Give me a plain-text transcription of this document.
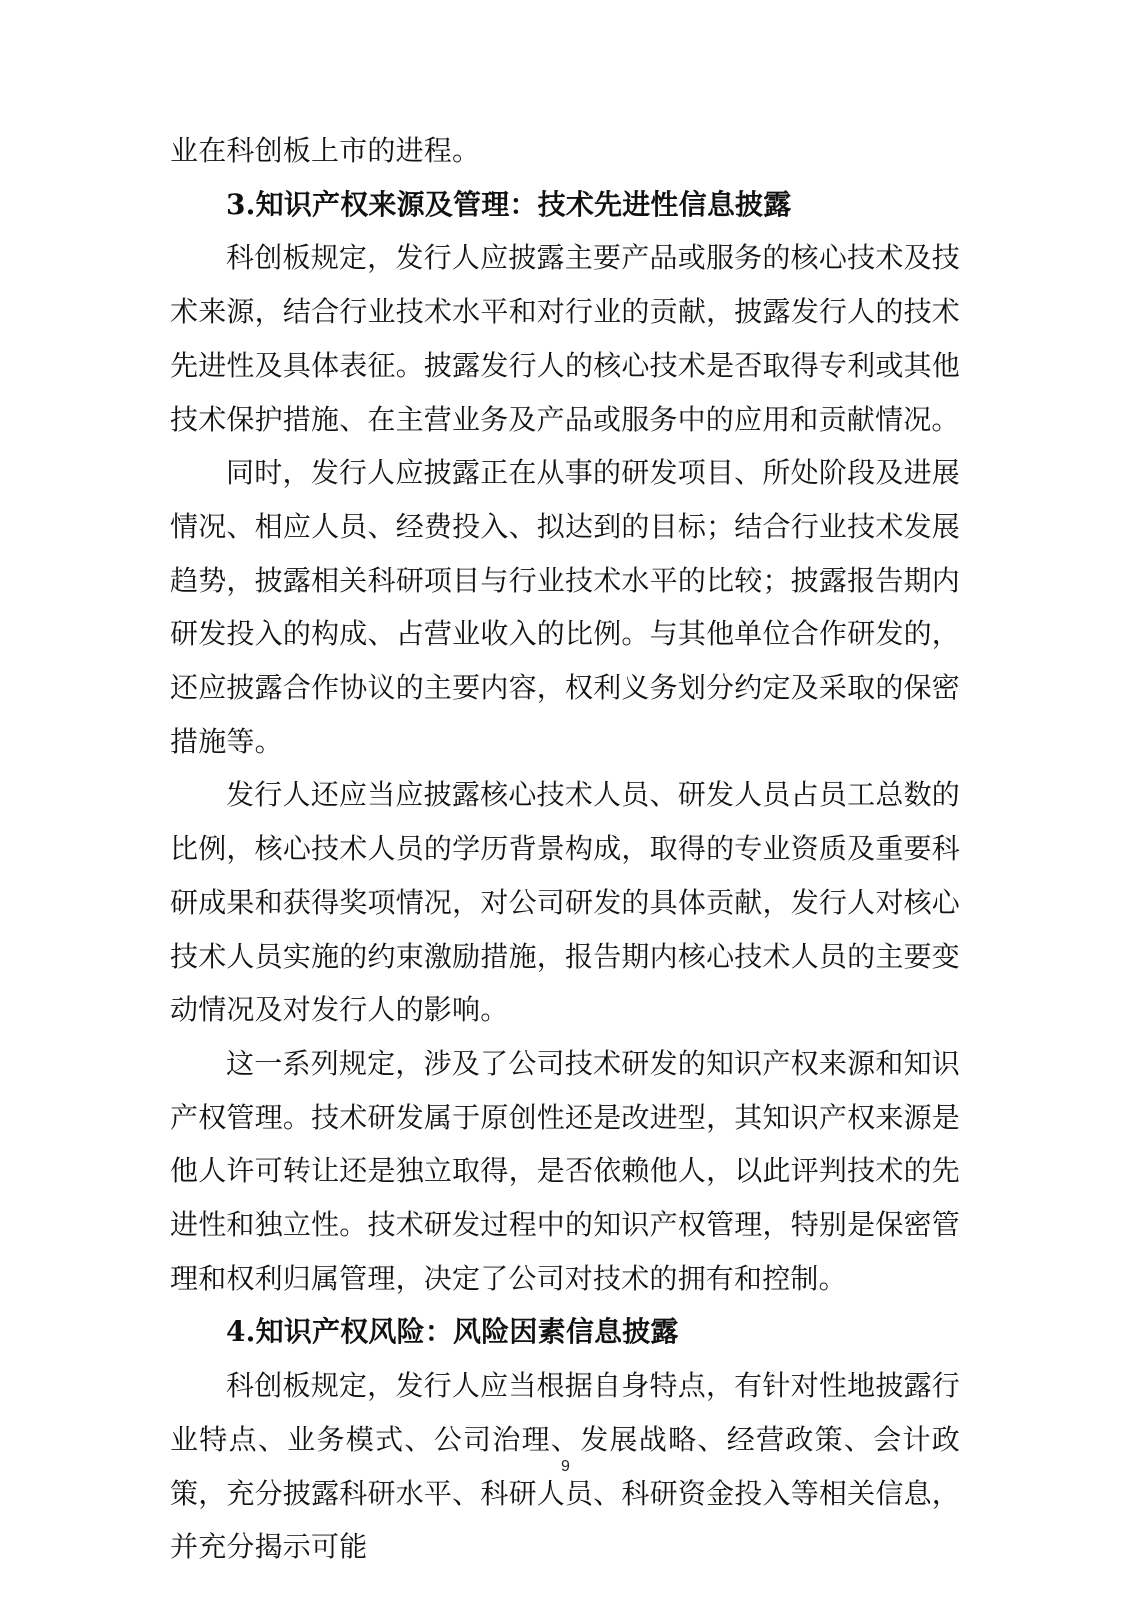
业在科创板上市的进程。

3.知识产权来源及管理：技术先进性信息披露

科创板规定，发行人应披露主要产品或服务的核心技术及技术来源，结合行业技术水平和对行业的贡献，披露发行人的技术先进性及具体表征。披露发行人的核心技术是否取得专利或其他技术保护措施、在主营业务及产品或服务中的应用和贡献情况。

同时，发行人应披露正在从事的研发项目、所处阶段及进展情况、相应人员、经费投入、拟达到的目标；结合行业技术发展趋势，披露相关科研项目与行业技术水平的比较；披露报告期内研发投入的构成、占营业收入的比例。与其他单位合作研发的，还应披露合作协议的主要内容，权利义务划分约定及采取的保密措施等。

发行人还应当应披露核心技术人员、研发人员占员工总数的比例，核心技术人员的学历背景构成，取得的专业资质及重要科研成果和获得奖项情况，对公司研发的具体贡献，发行人对核心技术人员实施的约束激励措施，报告期内核心技术人员的主要变动情况及对发行人的影响。

这一系列规定，涉及了公司技术研发的知识产权来源和知识产权管理。技术研发属于原创性还是改进型，其知识产权来源是他人许可转让还是独立取得，是否依赖他人，以此评判技术的先进性和独立性。技术研发过程中的知识产权管理，特别是保密管理和权利归属管理，决定了公司对技术的拥有和控制。

4.知识产权风险：风险因素信息披露

科创板规定，发行人应当根据自身特点，有针对性地披露行业特点、业务模式、公司治理、发展战略、经营政策、会计政策，充分披露科研水平、科研人员、科研资金投入等相关信息，并充分揭示可能

9
